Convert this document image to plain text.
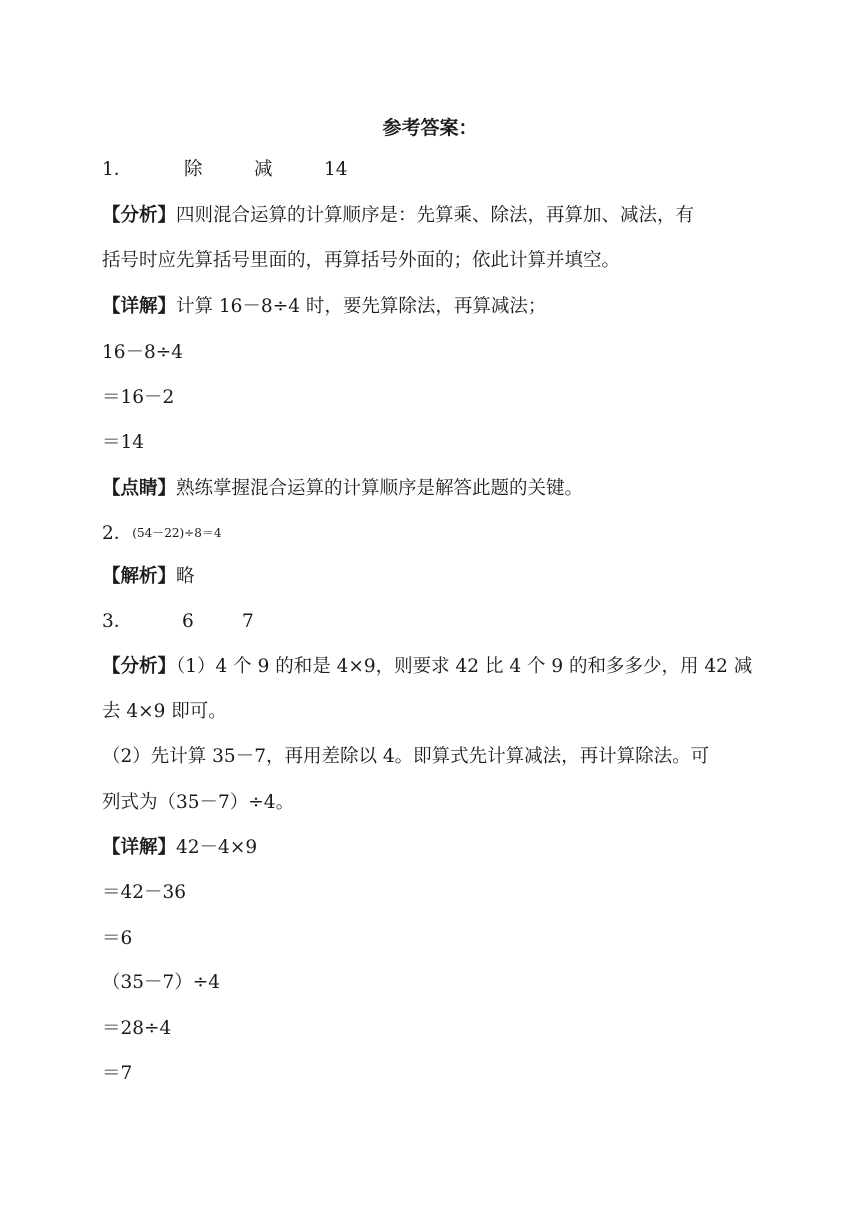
参考答案：
1．	除	减	14
【分析】四则混合运算的计算顺序是：先算乘、除法，再算加、减法，有
括号时应先算括号里面的，再算括号外面的；依此计算并填空。
【详解】计算 16－8÷4 时，要先算除法，再算减法；
16－8÷4
＝16－2
＝14
【点睛】熟练掌握混合运算的计算顺序是解答此题的关键。
2．(54－22)÷8＝4
【解析】略
3．	6	7
【分析】（1）4 个 9 的和是 4×9，则要求 42 比 4 个 9 的和多多少，用 42 减
去 4×9 即可。
（2）先计算 35－7，再用差除以 4。即算式先计算减法，再计算除法。可
列式为（35－7）÷4。
【详解】42－4×9
＝42－36
＝6
（35－7）÷4
＝28÷4
＝7
